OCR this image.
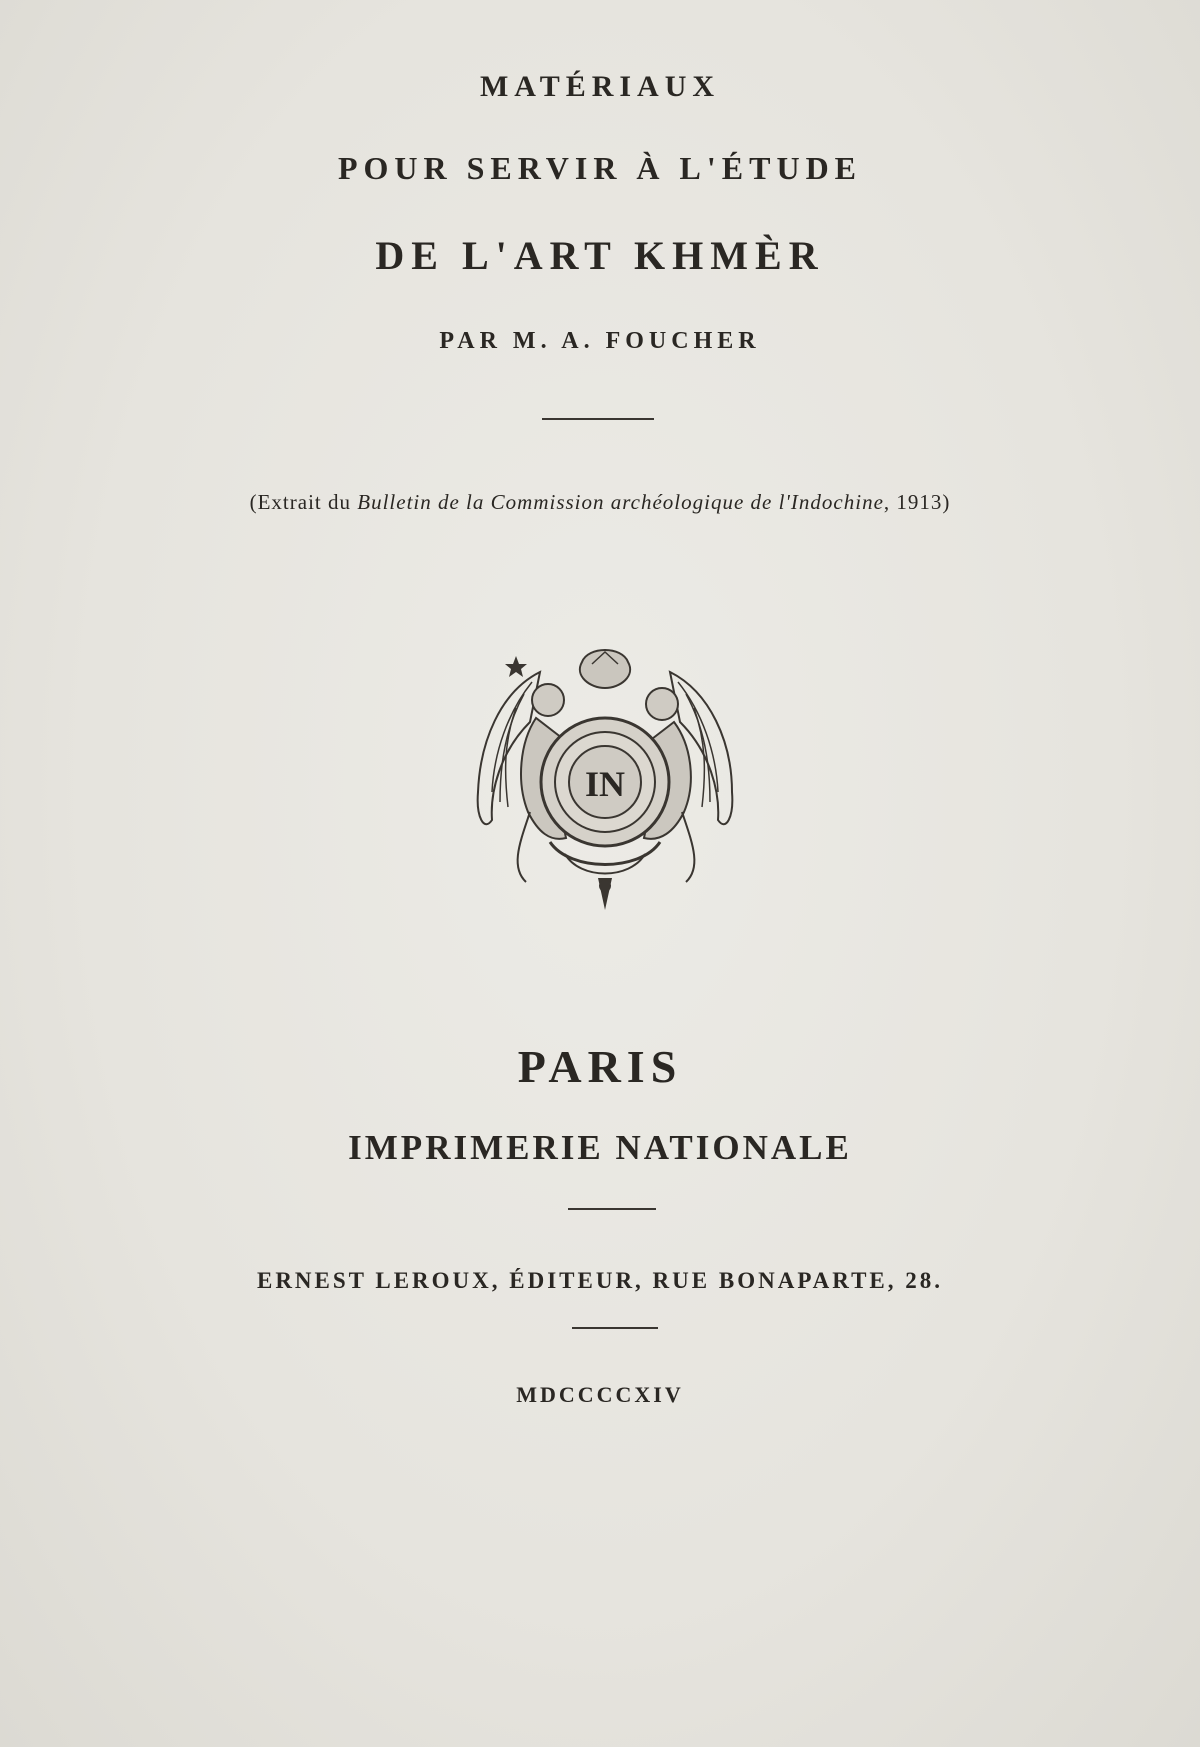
MATÉRIAUX
POUR SERVIR À L'ÉTUDE
DE L'ART KHMÈR
PAR M. A. FOUCHER
(Extrait du Bulletin de la Commission archéologique de l'Indochine, 1913)
IN
PARIS
IMPRIMERIE NATIONALE
ERNEST LEROUX, ÉDITEUR, RUE BONAPARTE, 28.
MDCCCCXIV
